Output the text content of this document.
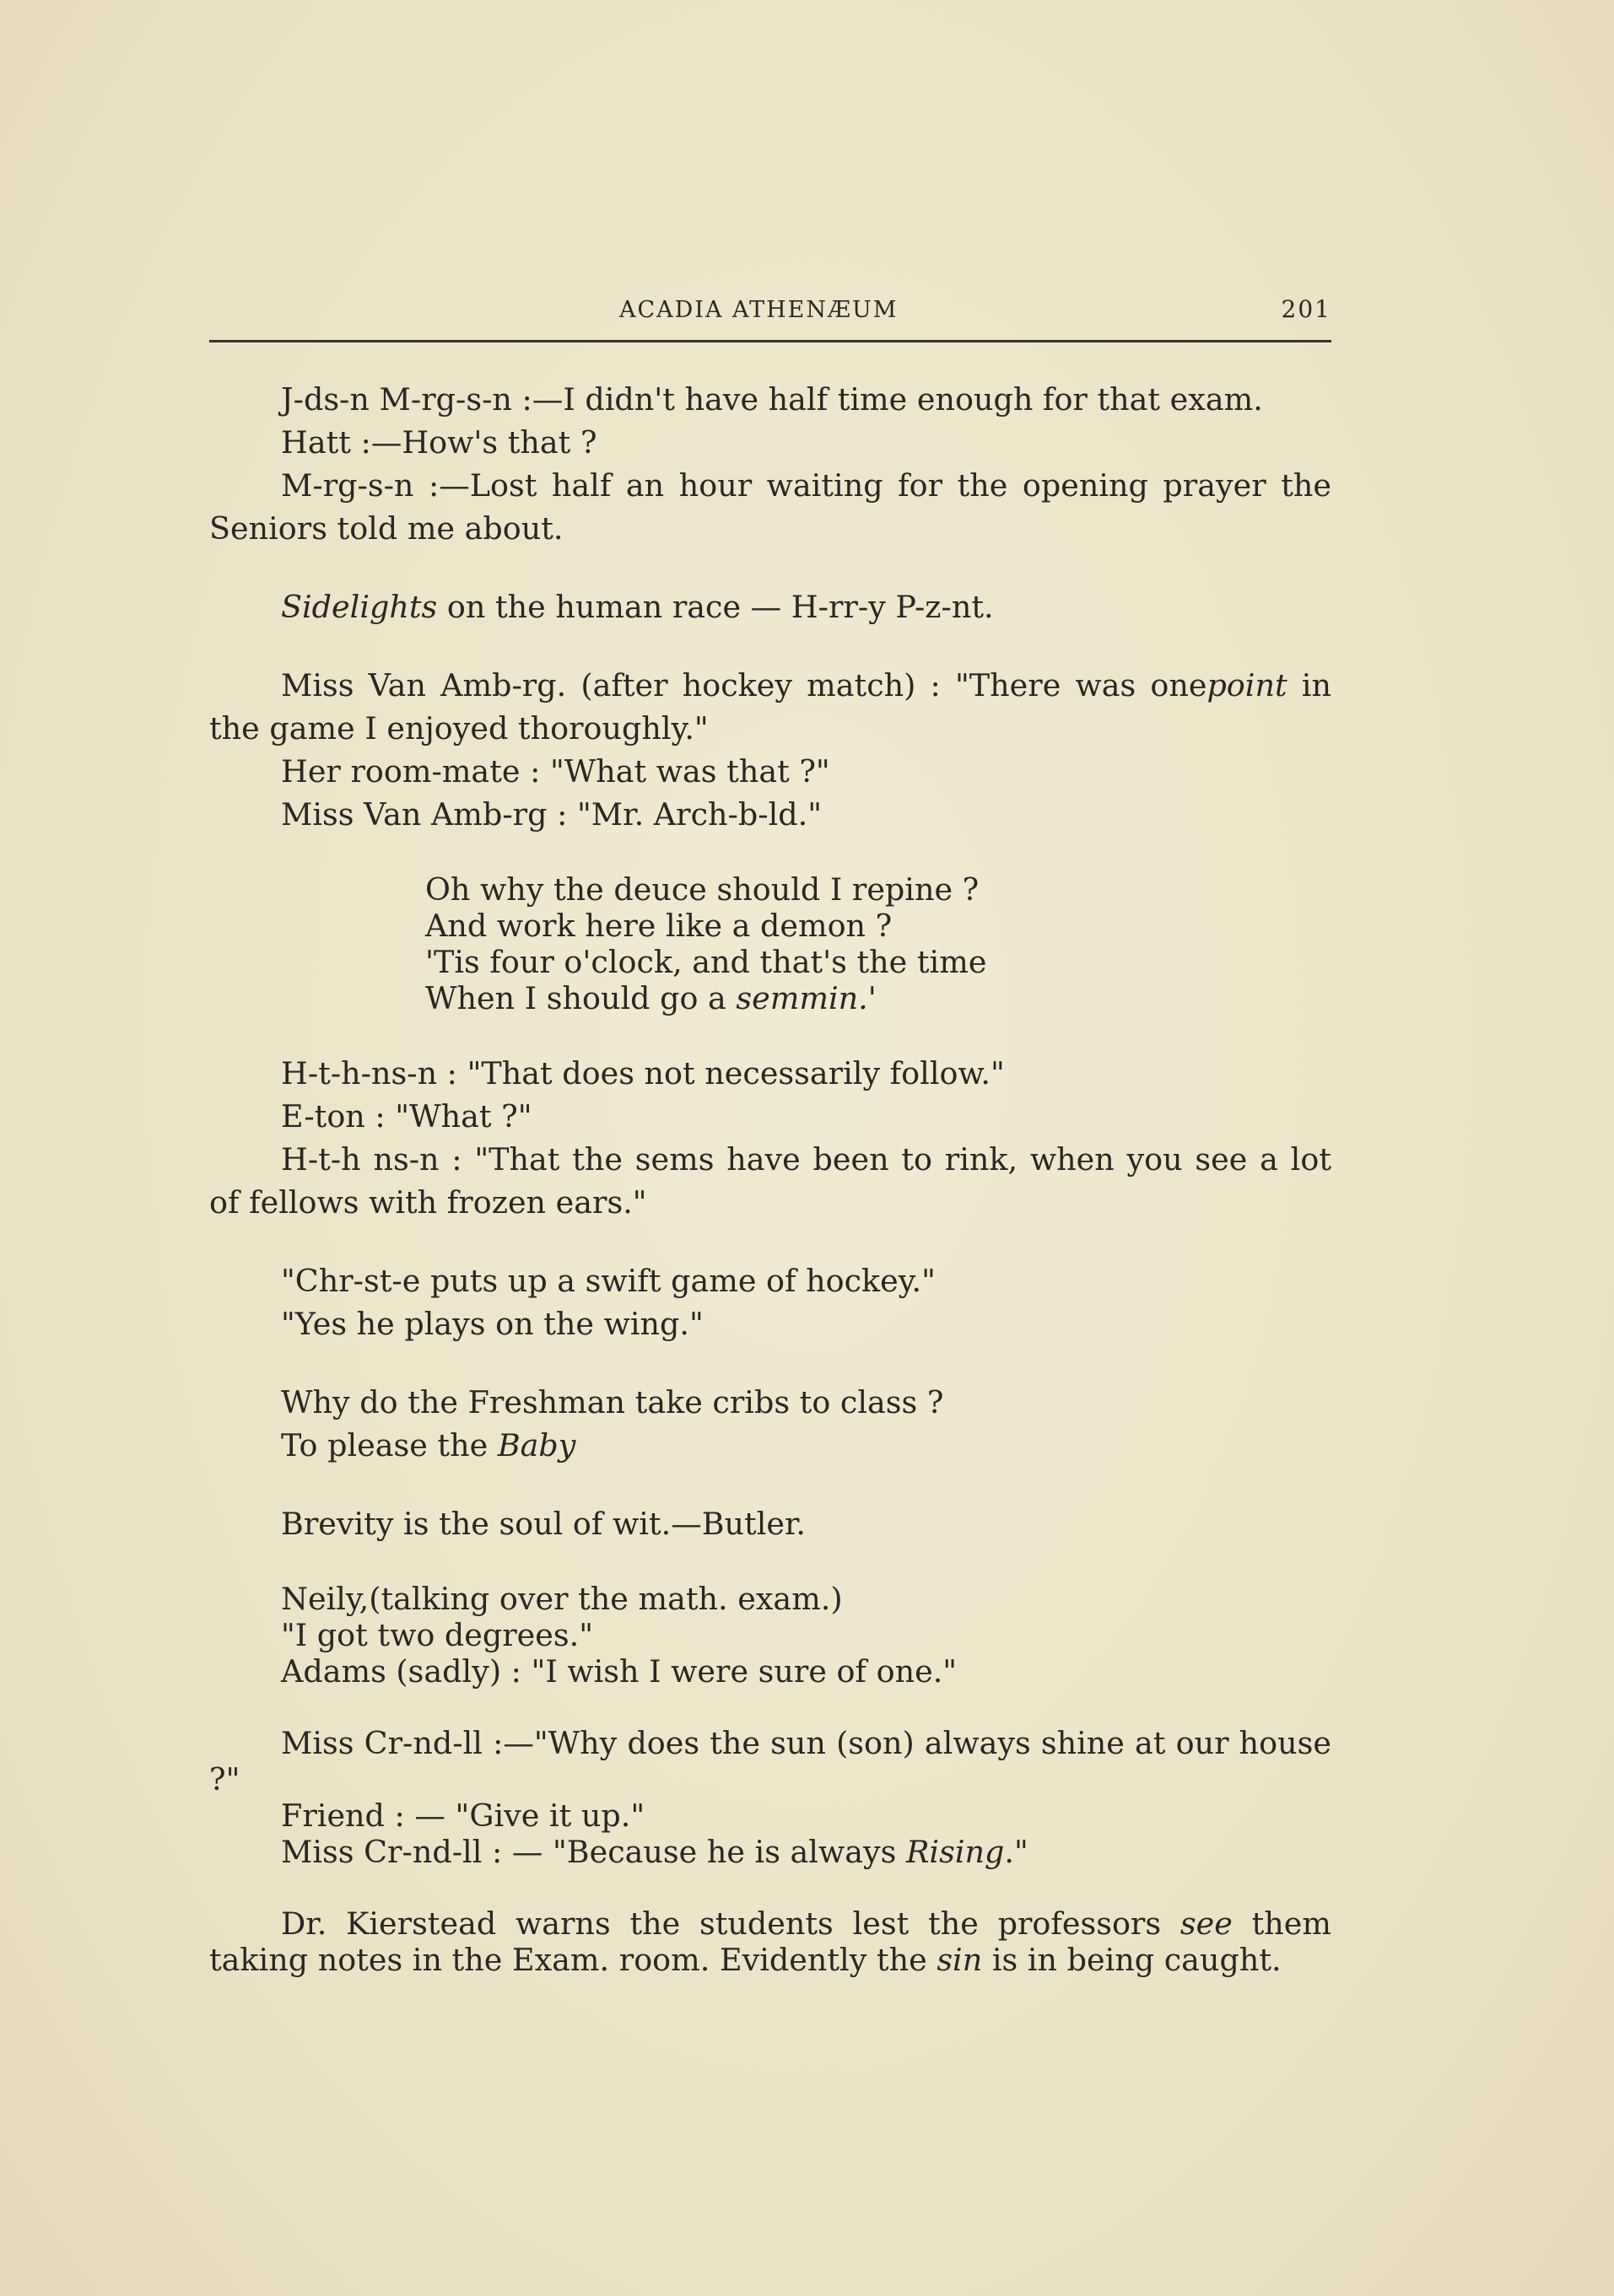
ACADIA ATHENÆUM	201

J-ds-n M-rg-s-n :—I didn't have half time enough for that exam.

Hatt :—How's that ?

M-rg-s-n :—Lost half an hour waiting for the opening prayer the Seniors told me about.

Sidelights on the human race — H-rr-y P-z-nt.

Miss Van Amb-rg. (after hockey match) : "There was onepoint in the game I enjoyed thoroughly."

Her room-mate : "What was that ?"

Miss Van Amb-rg : "Mr. Arch-b-ld."

Oh why the deuce should I repine ?
And work here like a demon ?
'Tis four o'clock, and that's the time
When I should go a semmin.'

H-t-h-ns-n : "That does not necessarily follow."

E-ton : "What ?"

H-t-h ns-n : "That the sems have been to rink, when you see a lot of fellows with frozen ears."

"Chr-st-e puts up a swift game of hockey."

"Yes he plays on the wing."

Why do the Freshman take cribs to class ?

To please the Baby

Brevity is the soul of wit.—Butler.

Neily,(talking over the math. exam.)

"I got two degrees."

Adams (sadly) : "I wish I were sure of one."

Miss Cr-nd-ll :—"Why does the sun (son) always shine at our house ?"

Friend : — "Give it up."

Miss Cr-nd-ll : — "Because he is always Rising."

Dr. Kierstead warns the students lest the professors see them taking notes in the Exam. room. Evidently the sin is in being caught.
